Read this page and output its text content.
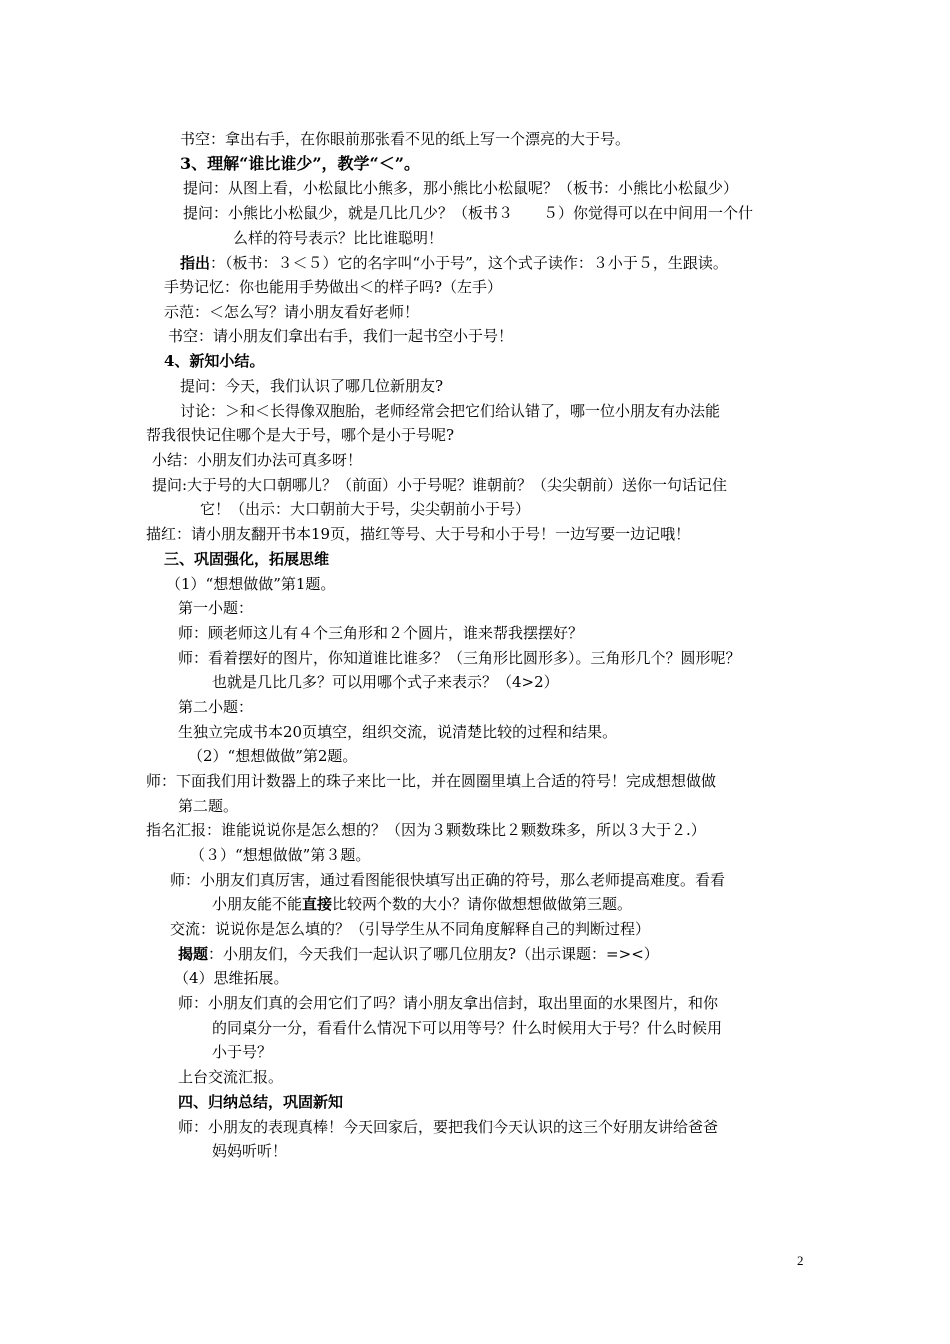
书空：拿出右手，在你眼前那张看不见的纸上写一个漂亮的大于号。
3、理解“谁比谁少”，教学“＜”。
提问：从图上看，小松鼠比小熊多，那小熊比小松鼠呢？（板书：小熊比小松鼠少）
提问：小熊比小松鼠少，就是几比几少？（板书３　　５）你觉得可以在中间用一个什
么样的符号表示？比比谁聪明！
指出：（板书：３＜５）它的名字叫“小于号”，这个式子读作：３小于５，生跟读。
手势记忆：你也能用手势做出＜的样子吗?（左手）
示范：＜怎么写？请小朋友看好老师！
书空：请小朋友们拿出右手，我们一起书空小于号！
4、新知小结。
提问：今天，我们认识了哪几位新朋友?
讨论：＞和＜长得像双胞胎，老师经常会把它们给认错了，哪一位小朋友有办法能
帮我很快记住哪个是大于号，哪个是小于号呢?
小结：小朋友们办法可真多呀！
提问:大于号的大口朝哪儿？（前面）小于号呢？谁朝前？（尖尖朝前）送你一句话记住
它！（出示：大口朝前大于号，尖尖朝前小于号）
描红：请小朋友翻开书本19页，描红等号、大于号和小于号！一边写要一边记哦！
三、巩固强化，拓展思维
（1）“想想做做”第1题。
第一小题：
师：顾老师这儿有４个三角形和２个圆片，谁来帮我摆摆好？
师：看着摆好的图片，你知道谁比谁多？（三角形比圆形多）。三角形几个？圆形呢？
也就是几比几多？可以用哪个式子来表示？（4>2）
第二小题：
生独立完成书本20页填空，组织交流，说清楚比较的过程和结果。
（2）“想想做做”第2题。
师：下面我们用计数器上的珠子来比一比，并在圆圈里填上合适的符号！完成想想做做
第二题。
指名汇报：谁能说说你是怎么想的？（因为３颗数珠比２颗数珠多，所以３大于２.）
（３）“想想做做”第３题。
师：小朋友们真厉害，通过看图能很快填写出正确的符号，那么老师提高难度。看看
小朋友能不能直接比较两个数的大小？请你做想想做做第三题。
交流：说说你是怎么填的？（引导学生从不同角度解释自己的判断过程）
揭题：小朋友们，今天我们一起认识了哪几位朋友?（出示课题：=><）
（4）思维拓展。
师：小朋友们真的会用它们了吗？请小朋友拿出信封，取出里面的水果图片，和你
的同桌分一分，看看什么情况下可以用等号？什么时候用大于号？什么时候用
小于号？
上台交流汇报。
四、归纳总结，巩固新知
师：小朋友的表现真棒！今天回家后，要把我们今天认识的这三个好朋友讲给爸爸
妈妈听听！
2
